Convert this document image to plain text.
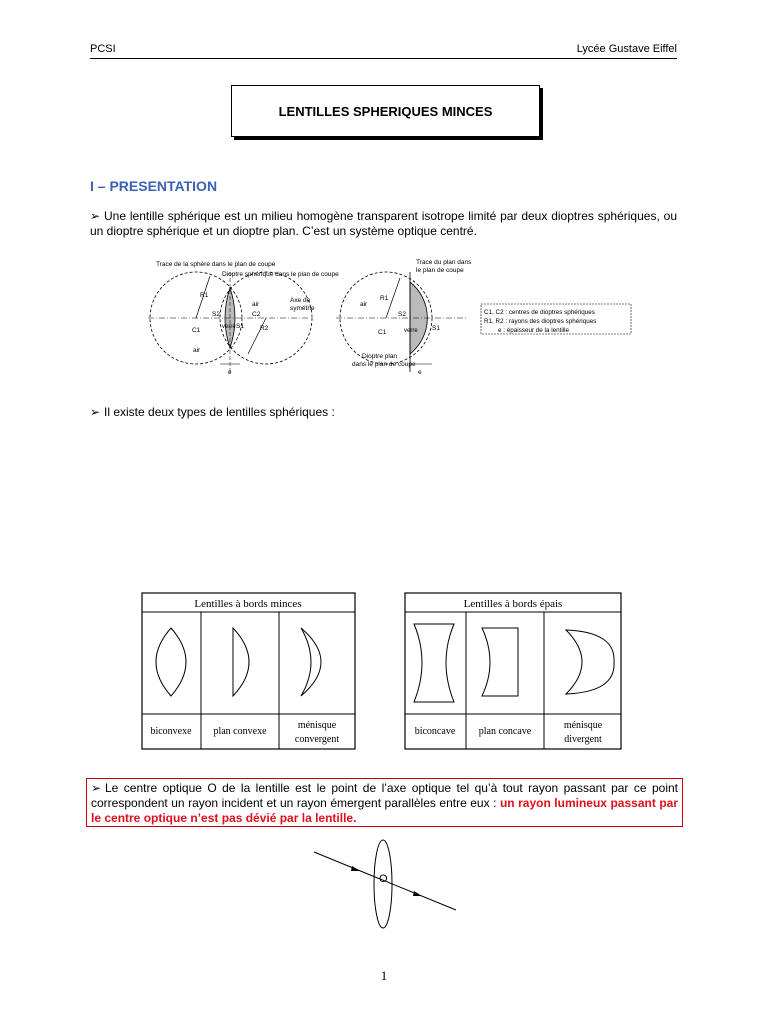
PCSI	Lycée Gustave Eiffel
LENTILLES SPHERIQUES MINCES
I – PRESENTATION
➢ Une lentille sphérique est un milieu homogène transparent isotrope limité par deux dioptres sphériques, ou un dioptre sphérique et un dioptre plan. C’est un système optique centré.
Trace de la sphère dans le plan de coupe
Dioptre sphérique dans le plan de coupe
Axe de
symétrie
air
air
verre
R1
R2
C1
C2
S2
S1
e
Trace du plan dans
le plan de coupe
air
R1
C1
S2
S1
verre
Dioptre plan
dans le plan de coupe
e
C1, C2 : centres de dioptres sphériques
R1, R2 : rayons des dioptres sphériques
e : épaisseur de la lentille
➢ Il existe deux types de lentilles sphériques :
Lentilles à bords minces
biconvexe plan convexe
ménisque
convergent
Lentilles à bords épais
biconcave plan concave
ménisque
divergent
➢ Le centre optique O de la lentille est le point de l’axe optique tel qu’à tout rayon passant par ce point correspondent un rayon incident et un rayon émergent parallèles entre eux : un rayon lumineux passant par le centre optique n’est pas dévié par la lentille.
O
1
